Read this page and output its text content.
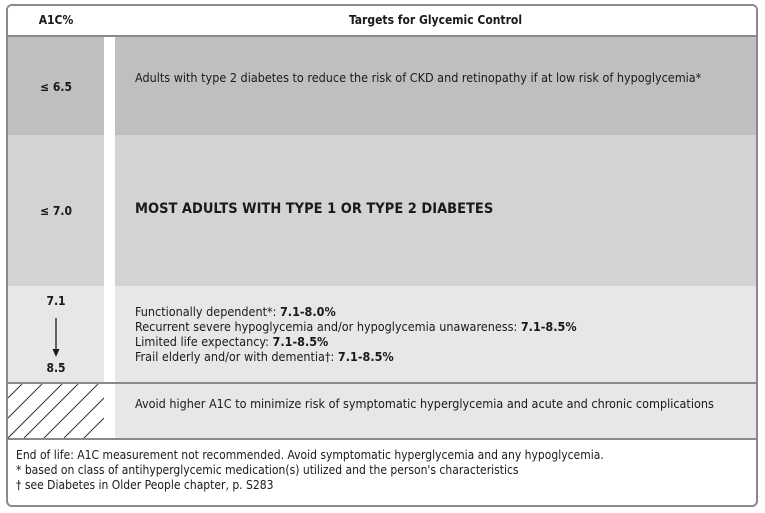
A1C%	Targets for Glycemic Control
≤ 6.5
Adults with type 2 diabetes to reduce the risk of CKD and retinopathy if at low risk of hypoglycemia*
≤ 7.0	MOST ADULTS WITH TYPE 1 OR TYPE 2 DIABETES
7.1
8.5
Functionally dependent*: 7.1-8.0%
Recurrent severe hypoglycemia and/or hypoglycemia unawareness: 7.1-8.5%
Limited life expectancy: 7.1-8.5%
Frail elderly and/or with dementia†: 7.1-8.5%
Avoid higher A1C to minimize risk of symptomatic hyperglycemia and acute and chronic complications
End of life: A1C measurement not recommended. Avoid symptomatic hyperglycemia and any hypoglycemia.
* based on class of antihyperglycemic medication(s) utilized and the person's characteristics
† see Diabetes in Older People chapter, p. S283
